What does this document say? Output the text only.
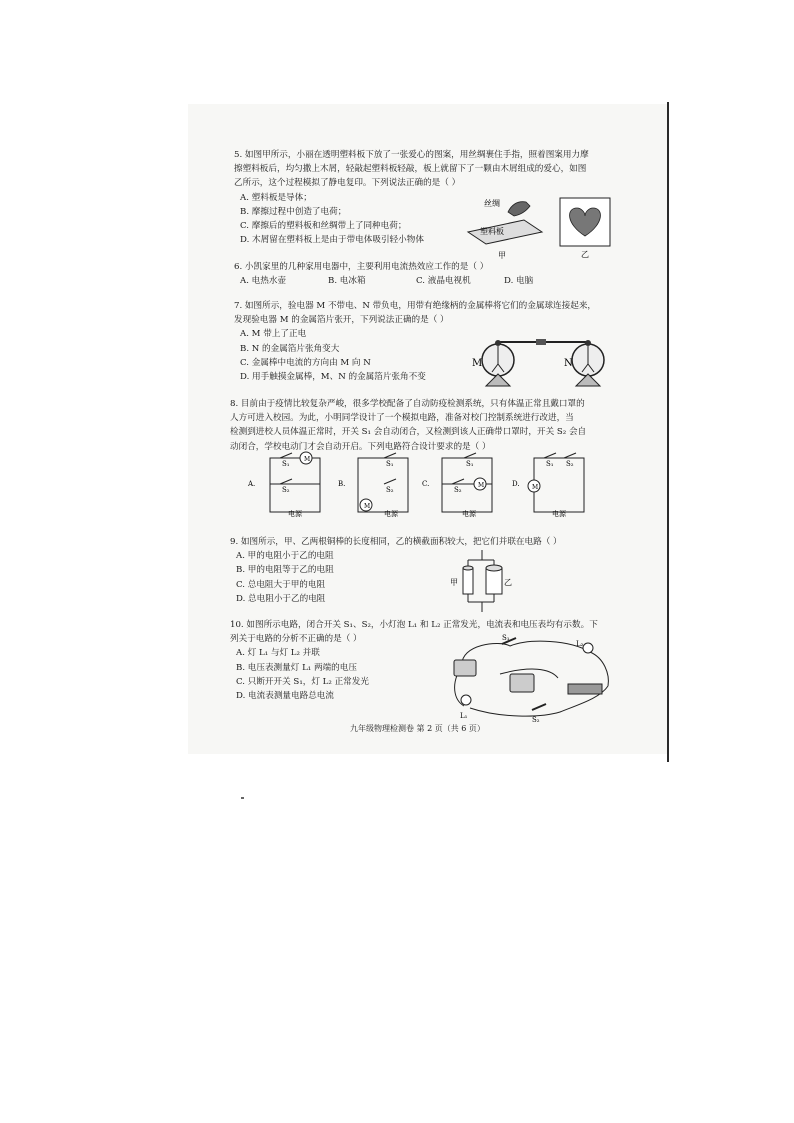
5. 如图甲所示，小丽在透明塑料板下放了一张爱心的图案，用丝绸裹住手指，照着图案用力摩
擦塑料板后，均匀撒上木屑，轻敲起塑料板轻敲，板上就留下了一颗由木屑组成的爱心，如图
乙所示，这个过程模拟了静电复印。下列说法正确的是（ ）
A. 塑料板是导体；
B. 摩擦过程中创造了电荷；
C. 摩擦后的塑料板和丝绸带上了同种电荷；
D. 木屑留在塑料板上是由于带电体吸引轻小物体
丝绸
塑料板
甲	乙
6. 小凯家里的几种家用电器中，主要利用电流热效应工作的是（ ）
A. 电热水壶	B. 电冰箱	C. 液晶电视机	D. 电脑
7. 如图所示，验电器 M 不带电、N 带负电，用带有绝缘柄的金属棒将它们的金属球连接起来，
发现验电器 M 的金属箔片张开，下列说法正确的是（ ）
A. M 带上了正电
B. N 的金属箔片张角变大
C. 金属棒中电流的方向由 M 向 N
D. 用手触摸金属棒，M、N 的金属箔片张角不变
M	N
8. 目前由于疫情比较复杂严峻，很多学校配备了自动防疫检测系统，只有体温正常且戴口罩的
人方可进入校园。为此，小明同学设计了一个模拟电路，准备对校门控制系统进行改进，当
检测到进校人员体温正常时，开关 S₁ 会自动闭合，又检测到该人正确带口罩时，开关 S₂ 会自
动闭合，学校电动门才会自动开启。下列电路符合设计要求的是（ ）
A.	B.	C.	D.
M
M
M	M
S₁
S₂
S₁
S₂
S₁
S₂
S₁ S₂
电源	电源	电源	电源
9. 如图所示，甲、乙两根铜棒的长度相同，乙的横截面积较大，把它们并联在电路（ ）
A. 甲的电阻小于乙的电阻
B. 甲的电阻等于乙的电阻
C. 总电阻大于甲的电阻
D. 总电阻小于乙的电阻
甲	乙
10. 如图所示电路，闭合开关 S₁、S₂，小灯泡 L₁ 和 L₂ 正常发光，电流表和电压表均有示数。下
列关于电路的分析不正确的是（ ）
A. 灯 L₁ 与灯 L₂ 并联
B. 电压表测量灯 L₁ 两端的电压
C. 只断开开关 S₁，灯 L₂ 正常发光
D. 电流表测量电路总电流
S₁
S₂
L₁
L₂
九年级物理检测卷 第 2 页（共 6 页）
